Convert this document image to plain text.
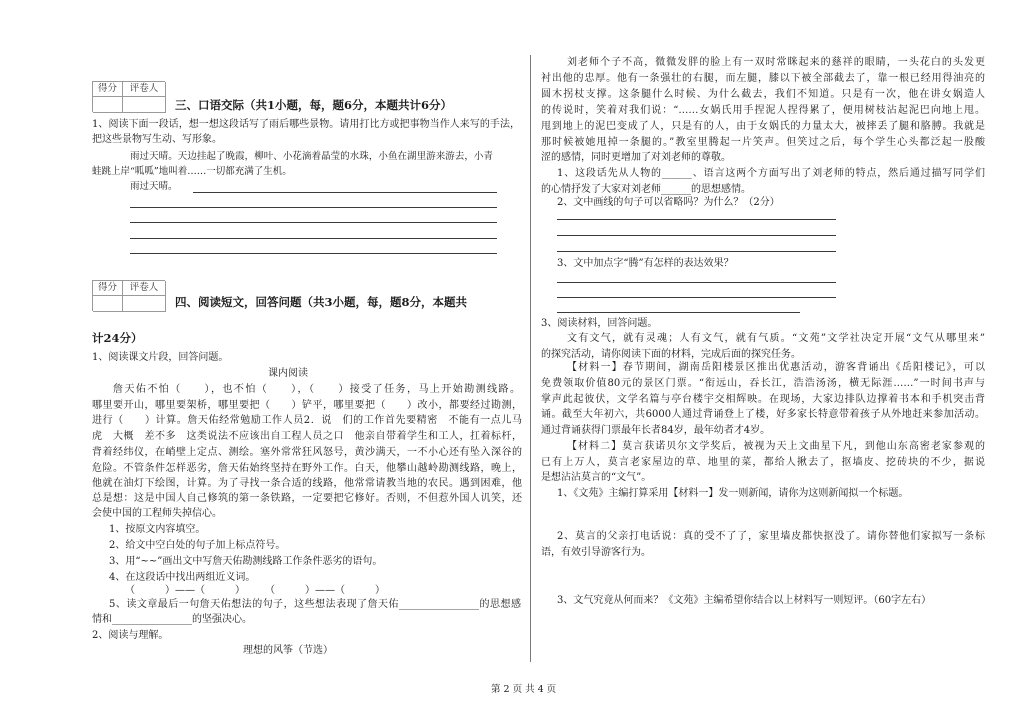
得分	评卷人
三、口语交际（共1小题，每，题6分，本题共计6分）
1、阅读下面一段话，想一想这段话写了雨后哪些景物。请用打比方或把事物当作人来写的手法，
把这些景物写生动、写形象。
雨过天晴。天边挂起了晚霞，柳叶、小花滴着晶莹的水珠，小鱼在湖里游来游去，小青
蛙跳上岸“呱呱”地叫着……一切都充满了生机。
雨过天晴。
得分	评卷人
四、阅读短文，回答问题（共3小题，每，题8分，本题共
计24分）
1、阅读课文片段，回答问题。
课内阅读
詹天佑不怕（　　），也不怕（　　），（　　）接受了任务，马上开始勘测线路。
哪里要开山，哪里要架桥，哪里要把（　　）铲平，哪里要把（　　）改小，都要经过勘测，
进行（　　）计算。詹天佑经常勉励工作人员2．说　们的工作首先要精密　不能有一点儿马
虎　大概　差不多　这类说法不应该出自工程人员之口　他亲自带着学生和工人，扛着标杆，
背着经纬仪，在峭壁上定点、测绘。塞外常常狂风怒号，黄沙满天，一不小心还有坠入深谷的
危险。不管条件怎样恶劣，詹天佑始终坚持在野外工作。白天，他攀山越岭勘测线路，晚上，
他就在油灯下绘图，计算。为了寻找一条合适的线路，他常常请教当地的农民。遇到困难，他
总是想：这是中国人自己修筑的第一条铁路，一定要把它修好。否则，不但惹外国人讥笑，还
会使中国的工程师失掉信心。
1、按原文内容填空。
2、给文中空白处的句子加上标点符号。
3、用“~~”画出文中写詹天佑勘测线路工作条件恶劣的语句。
4、在这段话中找出两组近义词。
（　　　）——（　　　）　　　（　　　）——（　　　）
5、读文章最后一句詹天佑想法的句子，这些想法表现了詹天佑________________的思想感
情和________________的坚强决心。
2、阅读与理解。
理想的风筝（节选）
刘老师个子不高，微微发胖的脸上有一双时常眯起来的慈祥的眼睛，一头花白的头发更
衬出他的忠厚。他有一条强壮的右腿，而左腿，膝以下被全部截去了，靠一根已经用得油亮的
圆木拐杖支撑。这条腿什么时候、为什么截去，我们不知道。只是有一次，他在讲女娲造人
的传说时，笑着对我们说：“……女娲氏用手捏泥人捏得累了，便用树枝沾起泥巴向地上甩。
甩到地上的泥巴变成了人，只是有的人，由于女娲氏的力量太大，被摔丢了腿和胳膊。我就是
那时候被她甩掉一条腿的。”教室里腾起一片笑声。但笑过之后，每个学生心头都泛起一股酸
涩的感情，同时更增加了对刘老师的尊敬。
1、这段话先从人物的______、语言这两个方面写出了刘老师的特点，然后通过描写同学们
的心情抒发了大家对刘老师______的思想感情。
2、文中画线的句子可以省略吗？为什么？（2分）
3、文中加点字“腾”有怎样的表达效果？
3、阅读材料，回答问题。
文有文气，就有灵魂；人有文气，就有气质。“文苑”文学社决定开展“文气从哪里来”
的探究活动，请你阅读下面的材料，完成后面的探究任务。
【材料一】春节期间，湖南岳阳楼景区推出优惠活动，游客背诵出《岳阳楼记》，可以
免费领取价值80元的景区门票。“衔远山，吞长江，浩浩汤汤，横无际涯……”一时间书声与
掌声此起彼伏，文学名篇与亭台楼宇交相辉映。在现场，大家边排队边撑着书本和手机突击背
诵。截至大年初六，共6000人通过背诵登上了楼，好多家长特意带着孩子从外地赶来参加活动。
通过背诵获得门票最年长者84岁，最年幼者才4岁。
【材料二】莫言获诺贝尔文学奖后，被视为天上文曲星下凡，到他山东高密老家参观的
已有上万人，莫言老家屋边的草、地里的菜，都给人揪去了，抠墙皮、挖砖块的不少，据说
是想沾沾莫言的“文气”。
1、《文苑》主编打算采用【材料一】发一则新闻，请你为这则新闻拟一个标题。
2、莫言的父亲打电话说：真的受不了了，家里墙皮都快抠没了。请你替他们家拟写一条标
语，有效引导游客行为。
3、文气究竟从何而来？《文苑》主编希望你结合以上材料写一则短评。（60字左右）
第 2 页 共 4 页
